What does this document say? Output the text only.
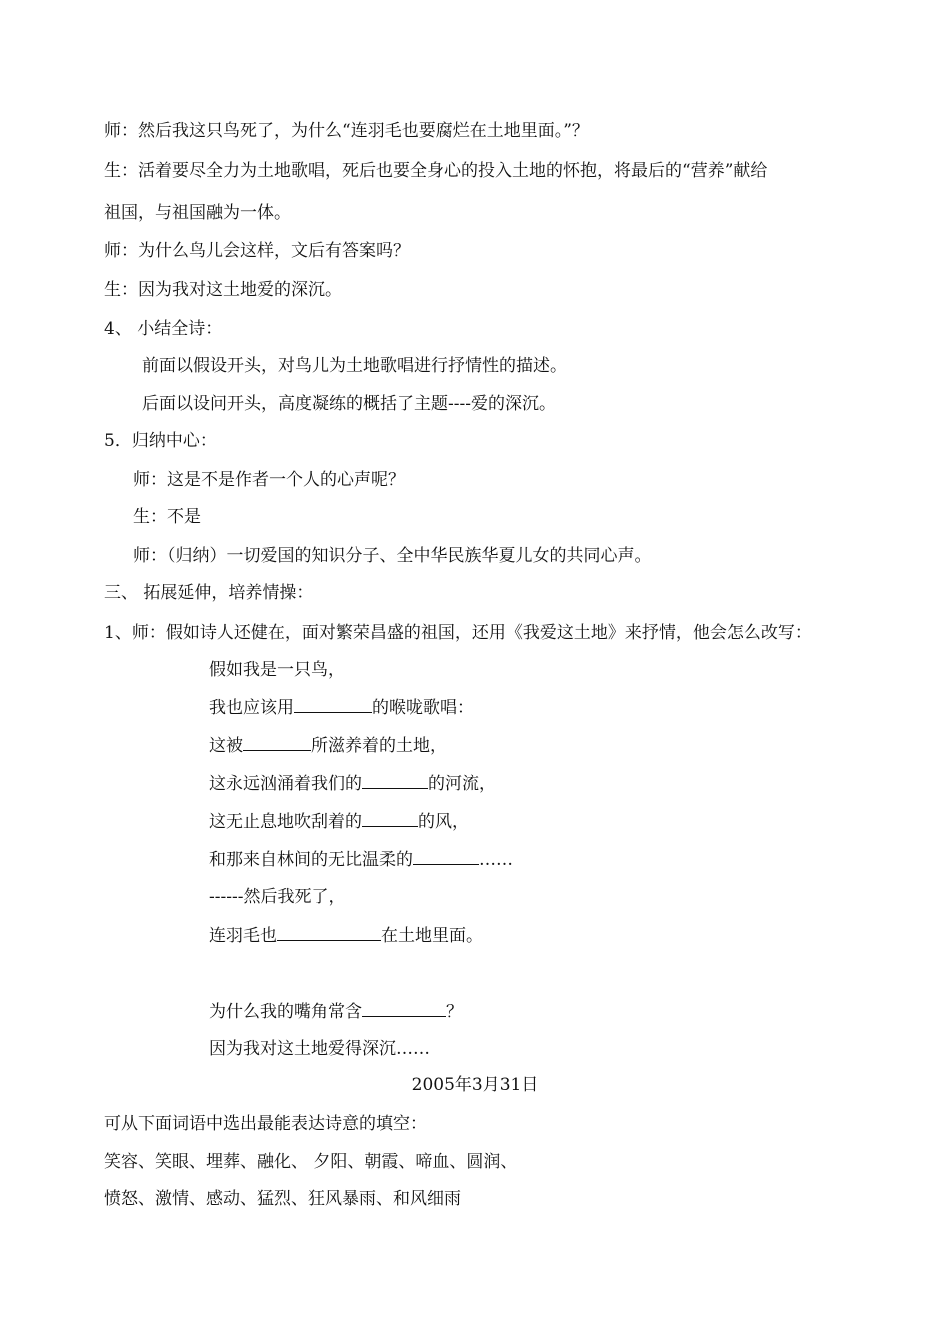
师：然后我这只鸟死了，为什么“连羽毛也要腐烂在土地里面。”？
生：活着要尽全力为土地歌唱，死后也要全身心的投入土地的怀抱，将最后的“营养”献给
祖国，与祖国融为一体。
师：为什么鸟儿会这样，文后有答案吗？
生：因为我对这土地爱的深沉。
4、 小结全诗：
前面以假设开头，对鸟儿为土地歌唱进行抒情性的描述。
后面以设问开头，高度凝练的概括了主题----爱的深沉。
5．归纳中心：
师：这是不是作者一个人的心声呢？
生：不是
师：（归纳）一切爱国的知识分子、全中华民族华夏儿女的共同心声。
三、 拓展延伸，培养情操：
1、师：假如诗人还健在，面对繁荣昌盛的祖国，还用《我爱这土地》来抒情，他会怎么改写：
假如我是一只鸟，
我也应该用	的喉咙歌唱：
这被	所滋养着的土地，
这永远汹涌着我们的	的河流，
这无止息地吹刮着的	的风，
和那来自林间的无比温柔的	……
------然后我死了，
连羽毛也	在土地里面。
为什么我的嘴角常含	？
因为我对这土地爱得深沉……
2005年3月31日
可从下面词语中选出最能表达诗意的填空：
笑容、笑眼、埋葬、融化、 夕阳、朝霞、啼血、圆润、
愤怒、激情、感动、猛烈、狂风暴雨、和风细雨
